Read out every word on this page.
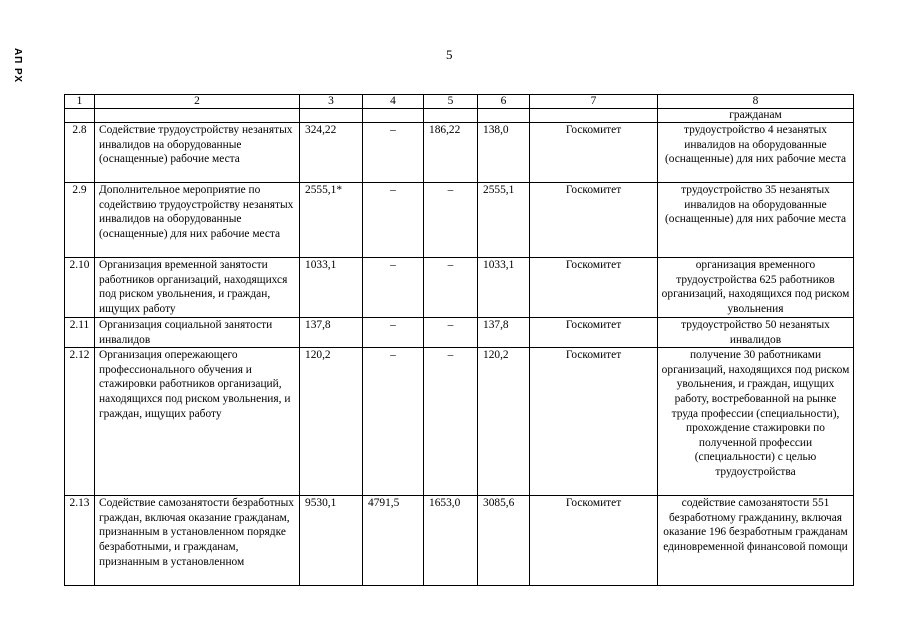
АП РХ	5
1	2	3	4	5	6	7	8
							гражданам
2.8	Содействие трудоустройству незанятых инвалидов на оборудованные (оснащенные) рабочие места	324,22	–	186,22	138,0	Госкомитет	трудоустройство 4 незанятых инвалидов на оборудованные (оснащенные) для них рабочие места
2.9	Дополнительное мероприятие по содействию трудоустройству незанятых инвалидов на оборудованные (оснащенные) для них рабочие места	2555,1*	–	–	2555,1	Госкомитет	трудоустройство 35 незанятых инвалидов на оборудованные (оснащенные) для них рабочие места
2.10	Организация временной занятости работников организаций, находящихся под риском увольнения, и граждан, ищущих работу	1033,1	–	–	1033,1	Госкомитет	организация временного трудоустройства 625 работников организаций, находящихся под риском увольнения
2.11	Организация социальной занятости инвалидов	137,8	–	–	137,8	Госкомитет	трудоустройство 50 незанятых инвалидов
2.12	Организация опережающего профессионального обучения и стажировки работников организаций, находящихся под риском увольнения, и граждан, ищущих работу	120,2	–	–	120,2	Госкомитет	получение 30 работниками организаций, находящихся под риском увольнения, и граждан, ищущих работу, востребованной на рынке труда профессии (специальности), прохождение стажировки по полученной профессии (специальности) с целью трудоустройства
2.13	Содействие самозанятости безработных граждан, включая оказание гражданам, признанным в установленном порядке безработными, и гражданам, признанным в установленном	9530,1	4791,5	1653,0	3085,6	Госкомитет	содействие самозанятости 551 безработному гражданину, включая оказание 196 безработным гражданам единовременной финансовой помощи
